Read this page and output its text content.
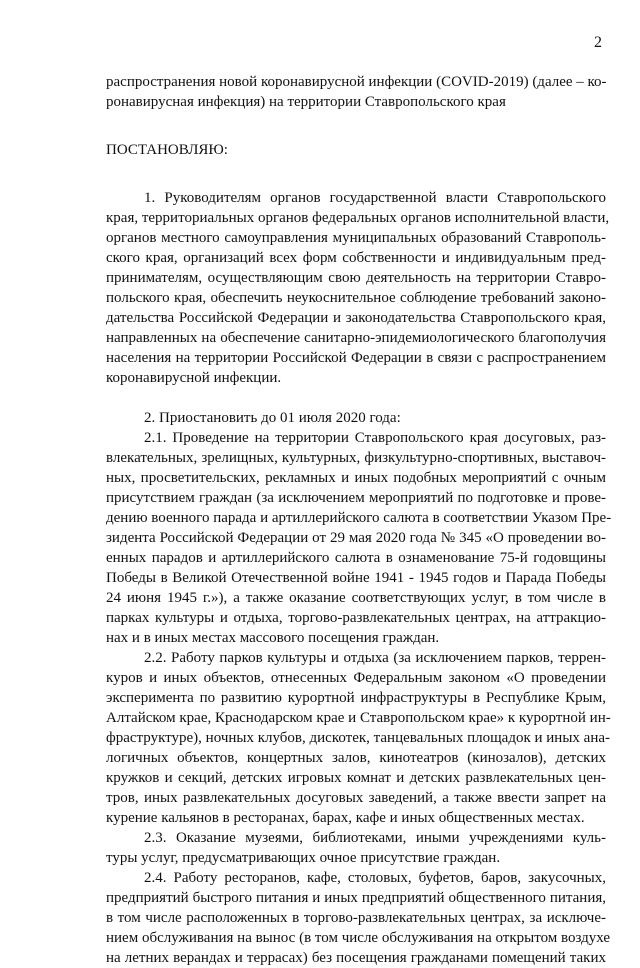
2
распространения новой коронавирусной инфекции (COVID-2019) (далее – ко-
ронавирусная инфекция) на территории Ставропольского края
ПОСТАНОВЛЯЮ:
1. Руководителям органов государственной власти Ставропольского
края, территориальных органов федеральных органов исполнительной власти,
органов местного самоуправления муниципальных образований Ставрополь-
ского края, организаций всех форм собственности и индивидуальным пред-
принимателям, осуществляющим свою деятельность на территории Ставро-
польского края, обеспечить неукоснительное соблюдение требований законо-
дательства Российской Федерации и законодательства Ставропольского края,
направленных на обеспечение санитарно-эпидемиологического благополучия
населения на территории Российской Федерации в связи с распространением
коронавирусной инфекции.
2. Приостановить до 01 июля 2020 года:
2.1. Проведение на территории Ставропольского края досуговых, раз-
влекательных, зрелищных, культурных, физкультурно-спортивных, выставоч-
ных, просветительских, рекламных и иных подобных мероприятий с очным
присутствием граждан (за исключением мероприятий по подготовке и прове-
дению военного парада и артиллерийского салюта в соответствии Указом Пре-
зидента Российской Федерации от 29 мая 2020 года № 345 «О проведении во-
енных парадов и артиллерийского салюта в ознаменование 75-й годовщины
Победы в Великой Отечественной войне 1941 - 1945 годов и Парада Победы
24 июня 1945 г.»), а также оказание соответствующих услуг, в том числе в
парках культуры и отдыха, торгово-развлекательных центрах, на аттракцио-
нах и в иных местах массового посещения граждан.
2.2. Работу парков культуры и отдыха (за исключением парков, террен-
куров и иных объектов, отнесенных Федеральным законом «О проведении
эксперимента по развитию курортной инфраструктуры в Республике Крым,
Алтайском крае, Краснодарском крае и Ставропольском крае» к курортной ин-
фраструктуре), ночных клубов, дискотек, танцевальных площадок и иных ана-
логичных объектов, концертных залов, кинотеатров (кинозалов), детских
кружков и секций, детских игровых комнат и детских развлекательных цен-
тров, иных развлекательных досуговых заведений, а также ввести запрет на
курение кальянов в ресторанах, барах, кафе и иных общественных местах.
2.3. Оказание музеями, библиотеками, иными учреждениями куль-
туры услуг, предусматривающих очное присутствие граждан.
2.4. Работу ресторанов, кафе, столовых, буфетов, баров, закусочных,
предприятий быстрого питания и иных предприятий общественного питания,
в том числе расположенных в торгово-развлекательных центрах, за исключе-
нием обслуживания на вынос (в том числе обслуживания на открытом воздухе
на летних верандах и террасах) без посещения гражданами помещений таких
